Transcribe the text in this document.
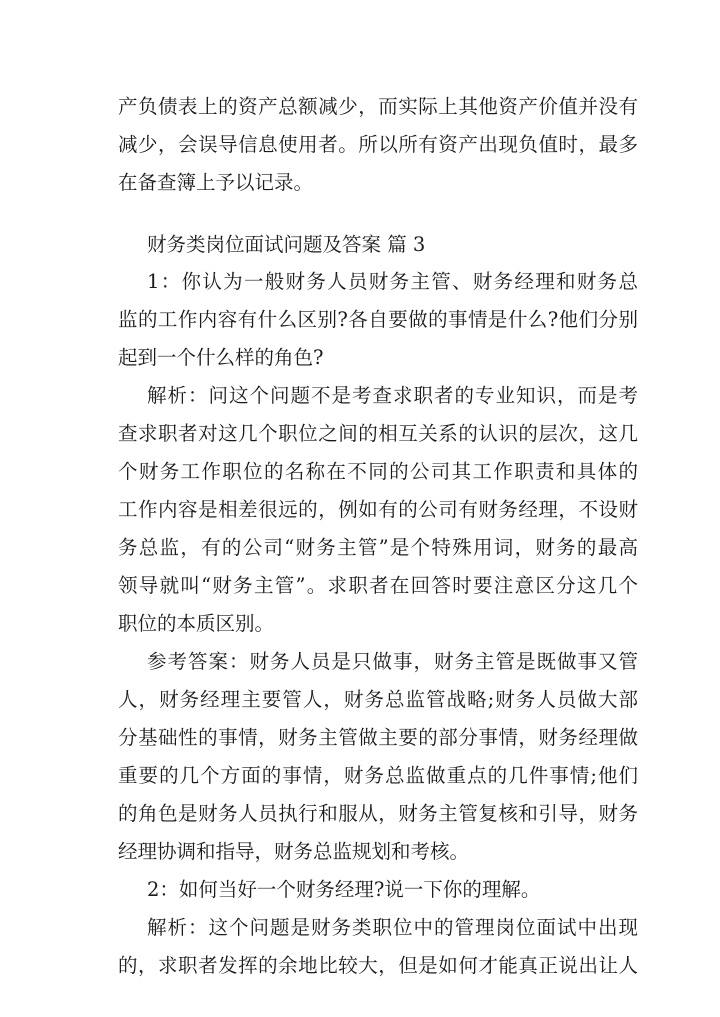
产负债表上的资产总额减少，而实际上其他资产价值并没有
减少，会误导信息使用者。所以所有资产出现负值时，最多
在备查簿上予以记录。
财务类岗位面试问题及答案 篇 3
1：你认为一般财务人员财务主管、财务经理和财务总
监的工作内容有什么区别?各自要做的事情是什么?他们分别
起到一个什么样的角色?
解析：问这个问题不是考查求职者的专业知识，而是考
查求职者对这几个职位之间的相互关系的认识的层次，这几
个财务工作职位的名称在不同的公司其工作职责和具体的
工作内容是相差很远的，例如有的公司有财务经理，不设财
务总监，有的公司“财务主管”是个特殊用词，财务的最高
领导就叫“财务主管”。求职者在回答时要注意区分这几个
职位的本质区别。
参考答案：财务人员是只做事，财务主管是既做事又管
人，财务经理主要管人，财务总监管战略;财务人员做大部
分基础性的事情，财务主管做主要的部分事情，财务经理做
重要的几个方面的事情，财务总监做重点的几件事情;他们
的角色是财务人员执行和服从，财务主管复核和引导，财务
经理协调和指导，财务总监规划和考核。
2：如何当好一个财务经理?说一下你的理解。
解析：这个问题是财务类职位中的管理岗位面试中出现
的，求职者发挥的余地比较大，但是如何才能真正说出让人
